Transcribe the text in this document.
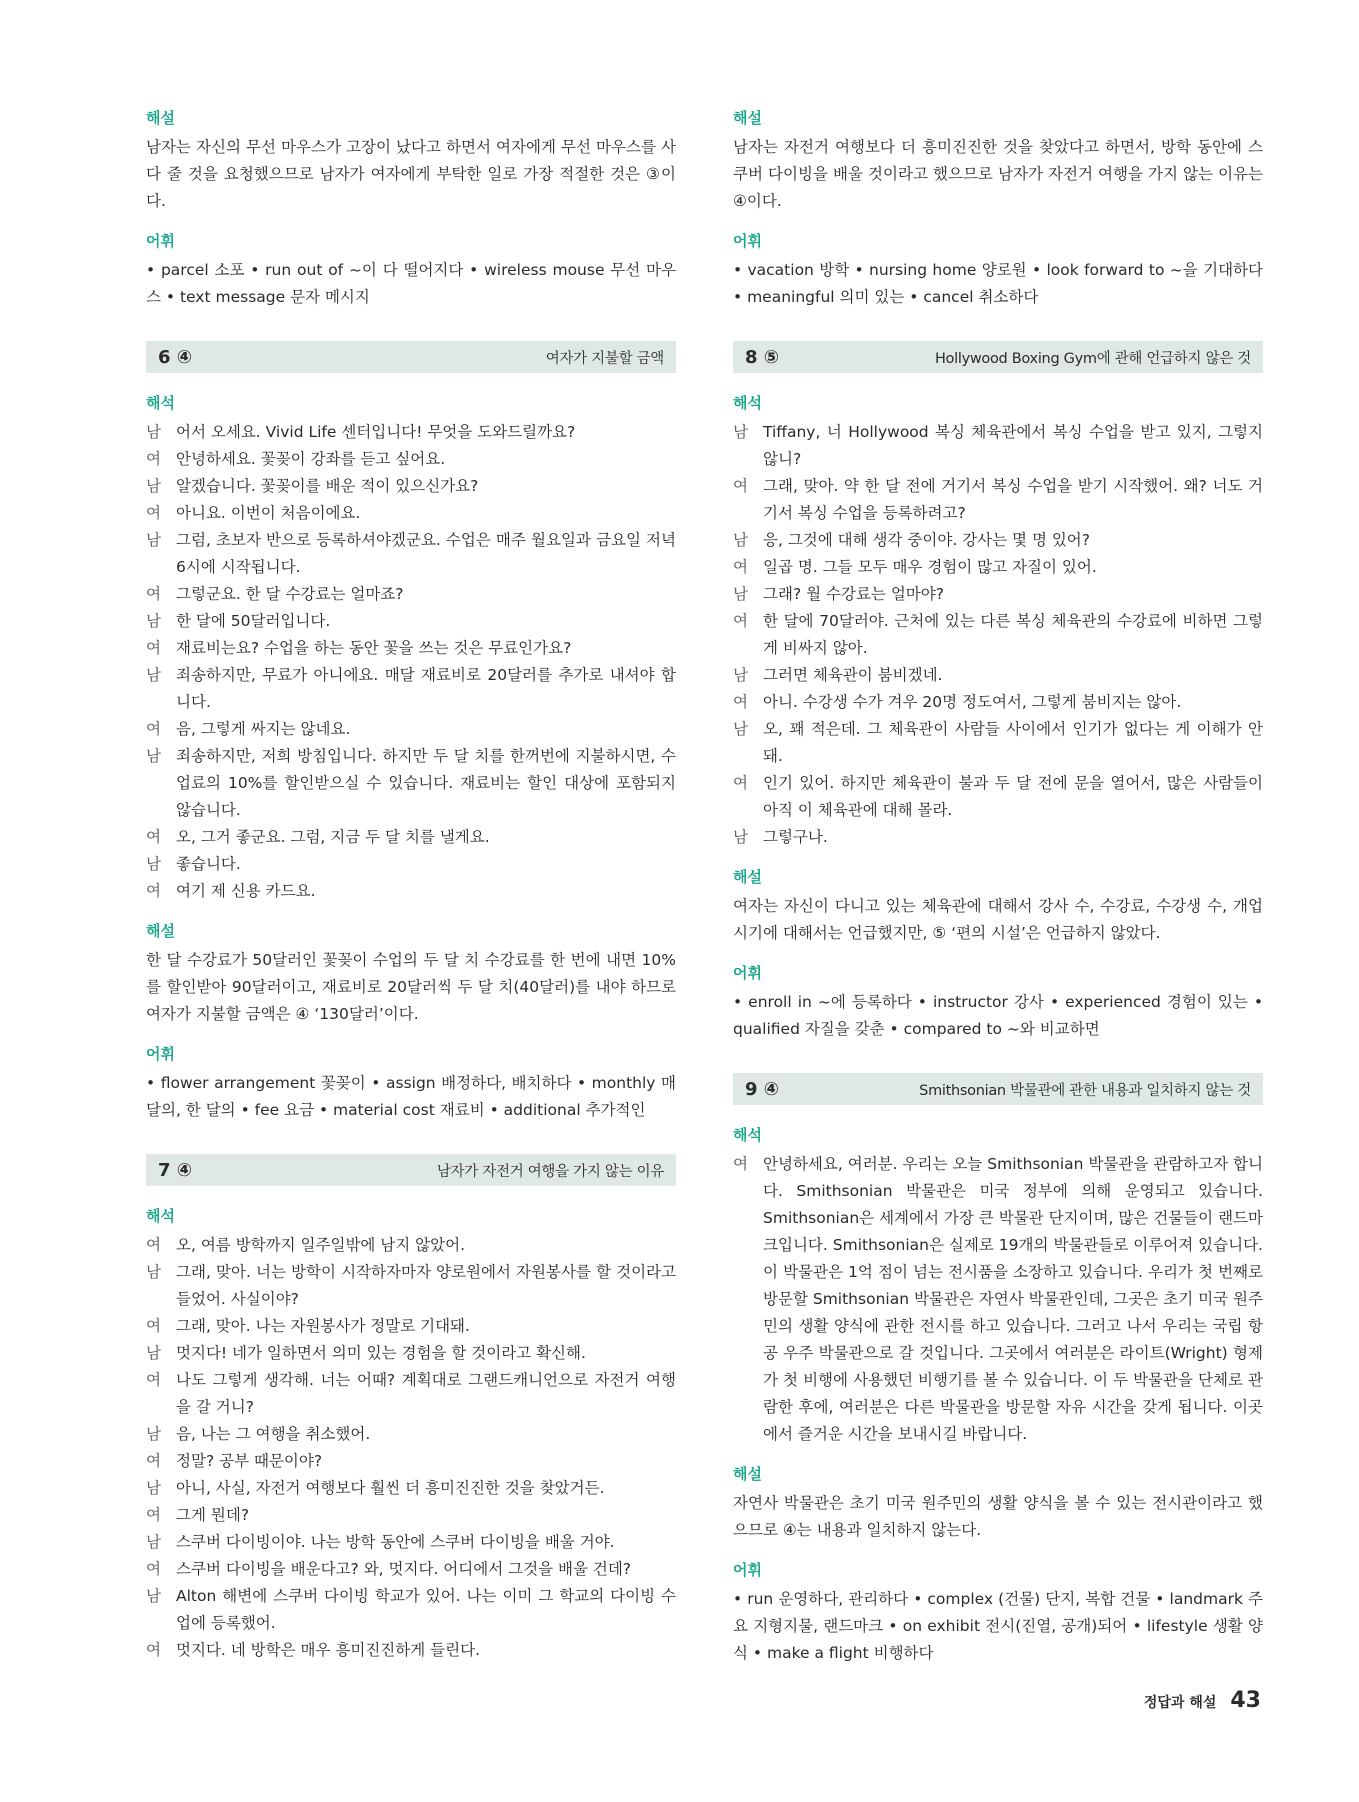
해설

남자는 자신의 무선 마우스가 고장이 났다고 하면서 여자에게 무선 마우스를 사다 줄 것을 요청했으므로 남자가 여자에게 부탁한 일로 가장 적절한 것은 ③이다.

어휘

• parcel 소포 • run out of ~이 다 떨어지다 • wireless mouse 무선 마우스 • text message 문자 메시지

6 ④	여자가 지불할 금액
해석
남 어서 오세요. Vivid Life 센터입니다! 무엇을 도와드릴까요?
여 안녕하세요. 꽃꽂이 강좌를 듣고 싶어요.
남 알겠습니다. 꽃꽂이를 배운 적이 있으신가요?
여 아니요. 이번이 처음이에요.
남 그럼, 초보자 반으로 등록하셔야겠군요. 수업은 매주 월요일과 금요일 저녁 6시에 시작됩니다.
여 그렇군요. 한 달 수강료는 얼마죠?
남 한 달에 50달러입니다.
여 재료비는요? 수업을 하는 동안 꽃을 쓰는 것은 무료인가요?
남 죄송하지만, 무료가 아니에요. 매달 재료비로 20달러를 추가로 내셔야 합니다.
여 음, 그렇게 싸지는 않네요.
남 죄송하지만, 저희 방침입니다. 하지만 두 달 치를 한꺼번에 지불하시면, 수업료의 10%를 할인받으실 수 있습니다. 재료비는 할인 대상에 포함되지 않습니다.
여 오, 그거 좋군요. 그럼, 지금 두 달 치를 낼게요.
남 좋습니다.
여 여기 제 신용 카드요.
해설

한 달 수강료가 50달러인 꽃꽂이 수업의 두 달 치 수강료를 한 번에 내면 10%를 할인받아 90달러이고, 재료비로 20달러씩 두 달 치(40달러)를 내야 하므로 여자가 지불할 금액은 ④ ‘130달러’이다.

어휘

• flower arrangement 꽃꽂이 • assign 배정하다, 배치하다 • monthly 매달의, 한 달의 • fee 요금 • material cost 재료비 • additional 추가적인

7 ④	남자가 자전거 여행을 가지 않는 이유
해석
여 오, 여름 방학까지 일주일밖에 남지 않았어.
남 그래, 맞아. 너는 방학이 시작하자마자 양로원에서 자원봉사를 할 것이라고 들었어. 사실이야?
여 그래, 맞아. 나는 자원봉사가 정말로 기대돼.
남 멋지다! 네가 일하면서 의미 있는 경험을 할 것이라고 확신해.
여 나도 그렇게 생각해. 너는 어때? 계획대로 그랜드캐니언으로 자전거 여행을 갈 거니?
남 음, 나는 그 여행을 취소했어.
여 정말? 공부 때문이야?
남 아니, 사실, 자전거 여행보다 훨씬 더 흥미진진한 것을 찾았거든.
여 그게 뭔데?
남 스쿠버 다이빙이야. 나는 방학 동안에 스쿠버 다이빙을 배울 거야.
여 스쿠버 다이빙을 배운다고? 와, 멋지다. 어디에서 그것을 배울 건데?
남 Alton 해변에 스쿠버 다이빙 학교가 있어. 나는 이미 그 학교의 다이빙 수업에 등록했어.
여 멋지다. 네 방학은 매우 흥미진진하게 들린다.
해설

남자는 자전거 여행보다 더 흥미진진한 것을 찾았다고 하면서, 방학 동안에 스쿠버 다이빙을 배울 것이라고 했으므로 남자가 자전거 여행을 가지 않는 이유는 ④이다.

어휘

• vacation 방학 • nursing home 양로원 • look forward to ~을 기대하다 • meaningful 의미 있는 • cancel 취소하다

8 ⑤	Hollywood Boxing Gym에 관해 언급하지 않은 것
해석
남 Tiffany, 너 Hollywood 복싱 체육관에서 복싱 수업을 받고 있지, 그렇지 않니?
여 그래, 맞아. 약 한 달 전에 거기서 복싱 수업을 받기 시작했어. 왜? 너도 거기서 복싱 수업을 등록하려고?
남 응, 그것에 대해 생각 중이야. 강사는 몇 명 있어?
여 일곱 명. 그들 모두 매우 경험이 많고 자질이 있어.
남 그래? 월 수강료는 얼마야?
여 한 달에 70달러야. 근처에 있는 다른 복싱 체육관의 수강료에 비하면 그렇게 비싸지 않아.
남 그러면 체육관이 붐비겠네.
여 아니. 수강생 수가 겨우 20명 정도여서, 그렇게 붐비지는 않아.
남 오, 꽤 적은데. 그 체육관이 사람들 사이에서 인기가 없다는 게 이해가 안 돼.
여 인기 있어. 하지만 체육관이 불과 두 달 전에 문을 열어서, 많은 사람들이 아직 이 체육관에 대해 몰라.
남 그렇구나.
해설

여자는 자신이 다니고 있는 체육관에 대해서 강사 수, 수강료, 수강생 수, 개업 시기에 대해서는 언급했지만, ⑤ ‘편의 시설’은 언급하지 않았다.

어휘

• enroll in ~에 등록하다 • instructor 강사 • experienced 경험이 있는 • qualified 자질을 갖춘 • compared to ~와 비교하면

9 ④	Smithsonian 박물관에 관한 내용과 일치하지 않는 것
해석
여 안녕하세요, 여러분. 우리는 오늘 Smithsonian 박물관을 관람하고자 합니다. Smithsonian 박물관은 미국 정부에 의해 운영되고 있습니다. Smithsonian은 세계에서 가장 큰 박물관 단지이며, 많은 건물들이 랜드마크입니다. Smithsonian은 실제로 19개의 박물관들로 이루어져 있습니다. 이 박물관은 1억 점이 넘는 전시품을 소장하고 있습니다. 우리가 첫 번째로 방문할 Smithsonian 박물관은 자연사 박물관인데, 그곳은 초기 미국 원주민의 생활 양식에 관한 전시를 하고 있습니다. 그러고 나서 우리는 국립 항공 우주 박물관으로 갈 것입니다. 그곳에서 여러분은 라이트(Wright) 형제가 첫 비행에 사용했던 비행기를 볼 수 있습니다. 이 두 박물관을 단체로 관람한 후에, 여러분은 다른 박물관을 방문할 자유 시간을 갖게 됩니다. 이곳에서 즐거운 시간을 보내시길 바랍니다.
해설

자연사 박물관은 초기 미국 원주민의 생활 양식을 볼 수 있는 전시관이라고 했으므로 ④는 내용과 일치하지 않는다.

어휘

• run 운영하다, 관리하다 • complex (건물) 단지, 복합 건물 • landmark 주요 지형지물, 랜드마크 • on exhibit 전시(진열, 공개)되어 • lifestyle 생활 양식 • make a flight 비행하다

정답과 해설 43
